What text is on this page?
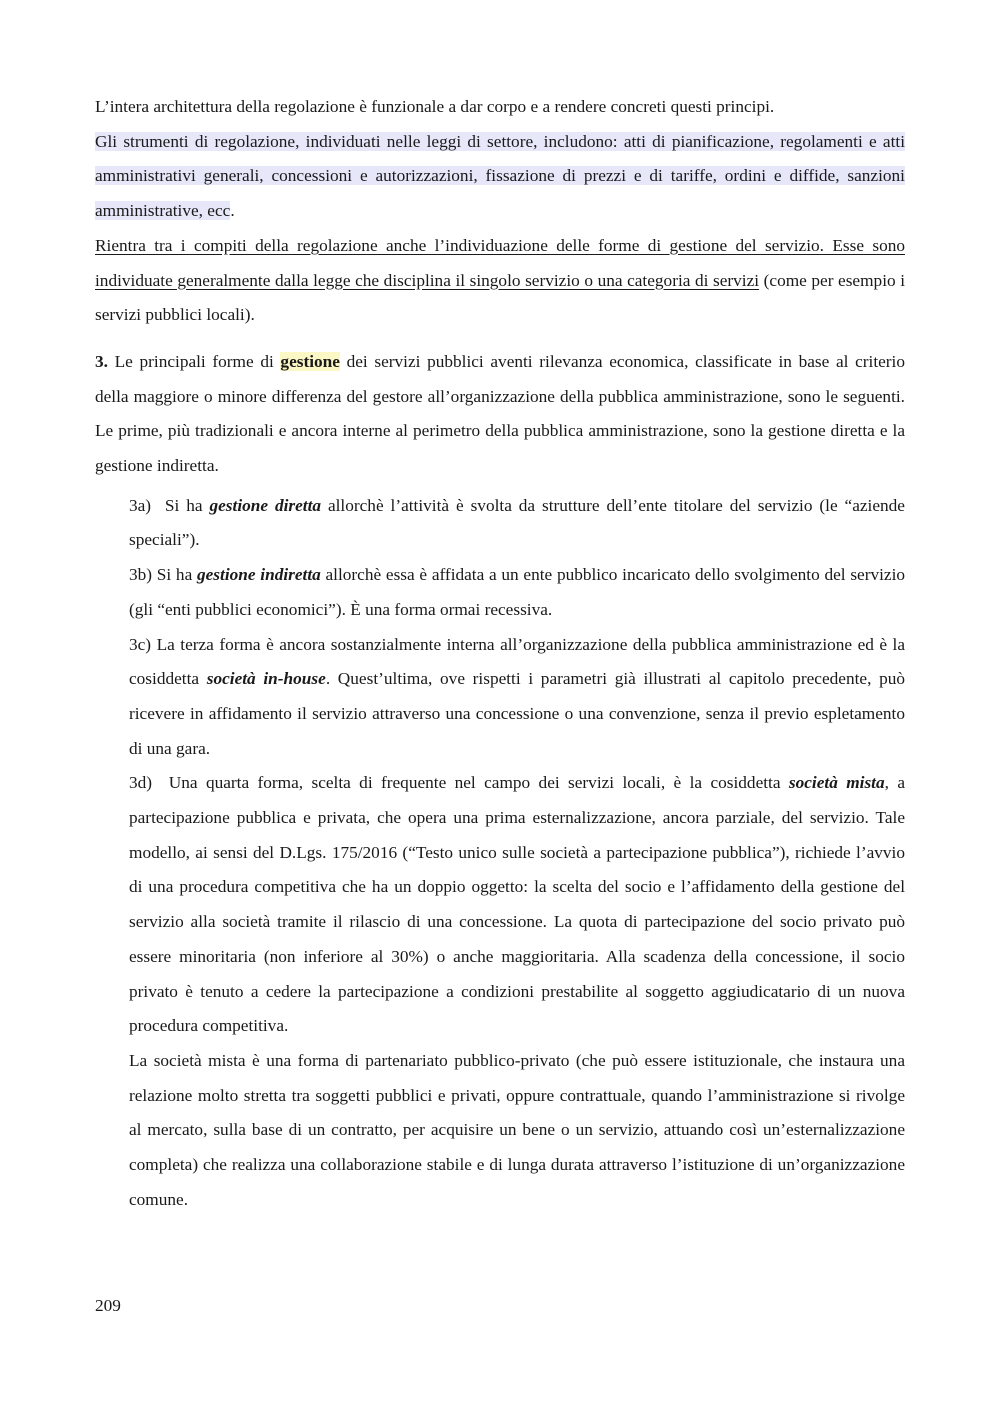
L’intera architettura della regolazione è funzionale a dar corpo e a rendere concreti questi principi.

Gli strumenti di regolazione, individuati nelle leggi di settore, includono: atti di pianificazione, regolamenti e atti amministrativi generali, concessioni e autorizzazioni, fissazione di prezzi e di tariffe, ordini e diffide, sanzioni amministrative, ecc.

Rientra tra i compiti della regolazione anche l’individuazione delle forme di gestione del servizio. Esse sono individuate generalmente dalla legge che disciplina il singolo servizio o una categoria di servizi (come per esempio i servizi pubblici locali).

3. Le principali forme di gestione dei servizi pubblici aventi rilevanza economica, classificate in base al criterio della maggiore o minore differenza del gestore all’organizzazione della pubblica amministrazione, sono le seguenti. Le prime, più tradizionali e ancora interne al perimetro della pubblica amministrazione, sono la gestione diretta e la gestione indiretta.

3a)  Si ha gestione diretta allorchè l’attività è svolta da strutture dell’ente titolare del servizio (le “aziende speciali”).

3b) Si ha gestione indiretta allorchè essa è affidata a un ente pubblico incaricato dello svolgimento del servizio (gli “enti pubblici economici”). È una forma ormai recessiva.

3c) La terza forma è ancora sostanzialmente interna all’organizzazione della pubblica amministrazione ed è la cosiddetta società in-house. Quest’ultima, ove rispetti i parametri già illustrati al capitolo precedente, può ricevere in affidamento il servizio attraverso una concessione o una convenzione, senza il previo espletamento di una gara.

3d)  Una quarta forma, scelta di frequente nel campo dei servizi locali, è la cosiddetta società mista, a partecipazione pubblica e privata, che opera una prima esternalizzazione, ancora parziale, del servizio. Tale modello, ai sensi del D.Lgs. 175/2016 (“Testo unico sulle società a partecipazione pubblica”), richiede l’avvio di una procedura competitiva che ha un doppio oggetto: la scelta del socio e l’affidamento della gestione del servizio alla società tramite il rilascio di una concessione. La quota di partecipazione del socio privato può essere minoritaria (non inferiore al 30%) o anche maggioritaria. Alla scadenza della concessione, il socio privato è tenuto a cedere la partecipazione a condizioni prestabilite al soggetto aggiudicatario di un nuova procedura competitiva.

La società mista è una forma di partenariato pubblico-privato (che può essere istituzionale, che instaura una relazione molto stretta tra soggetti pubblici e privati, oppure contrattuale, quando l’amministrazione si rivolge al mercato, sulla base di un contratto, per acquisire un bene o un servizio, attuando così un’esternalizzazione completa) che realizza una collaborazione stabile e di lunga durata attraverso l’istituzione di un’organizzazione comune.

209
